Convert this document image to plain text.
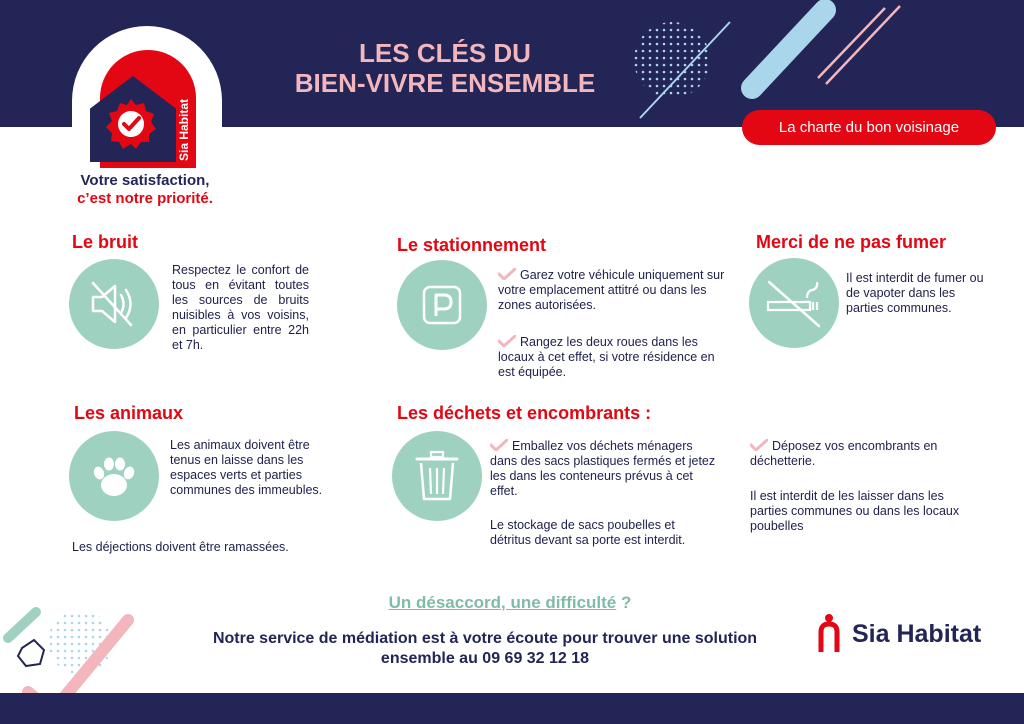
Sia Habitat
Votre satisfaction,
c’est notre priorité.
LES CLÉS DU
BIEN-VIVRE ENSEMBLE
La charte du bon voisinage
Le bruit
Respectez le confort de tous en évitant toutes les sources de bruits nuisibles à vos voisins, en particulier entre 22h et 7h.
Le stationnement
Garez votre véhicule uniquement sur votre emplacement attitré ou dans les zones autorisées.
Rangez les deux roues dans les locaux à cet effet, si votre résidence en est équipée.
Merci de ne pas fumer
Il est interdit de fumer ou de vapoter dans les parties communes.
Les animaux
Les animaux doivent être tenus en laisse dans les espaces verts et parties communes des immeubles.
Les déjections doivent être ramassées.
Les déchets et encombrants :
Emballez vos déchets ménagers dans des sacs plastiques fermés et jetez les dans les conteneurs prévus à cet effet.
Le stockage de sacs poubelles et détritus devant sa porte est interdit.
Déposez vos encombrants en déchetterie.
Il est interdit de les laisser dans les parties communes ou dans les locaux poubelles
Un désaccord, une difficulté ?
Notre service de médiation est à votre écoute pour trouver une solution
ensemble au 09 69 32 12 18
Sia Habitat
